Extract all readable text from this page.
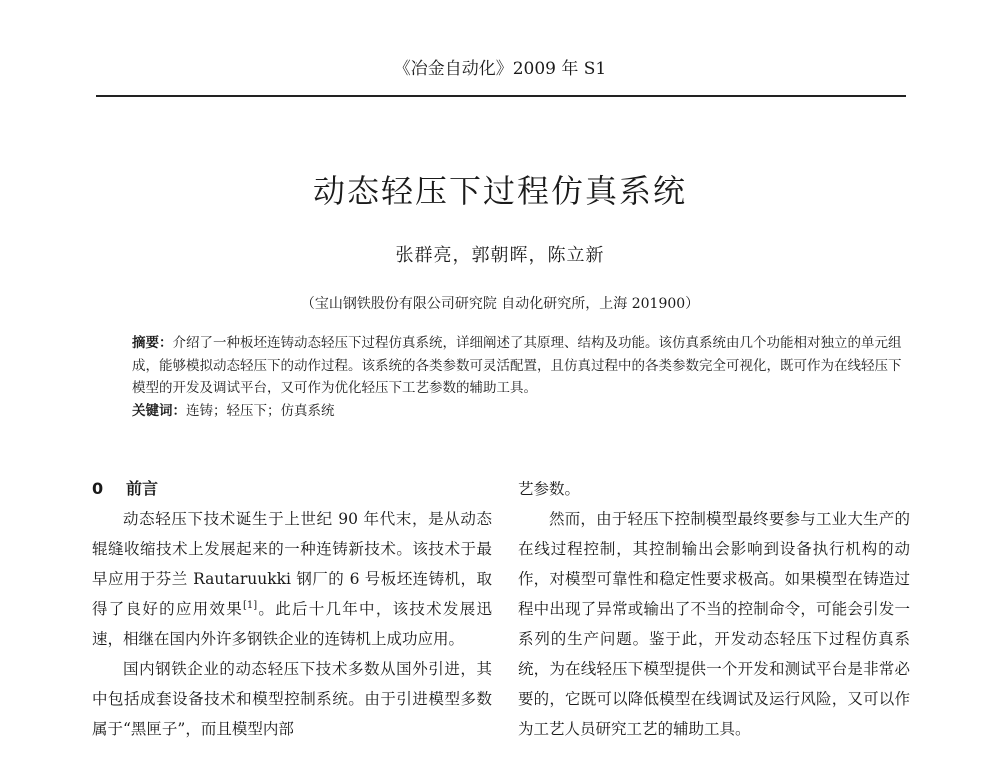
《冶金自动化》2009 年 S1
动态轻压下过程仿真系统
张群亮，郭朝晖，陈立新
（宝山钢铁股份有限公司研究院 自动化研究所，上海 201900）

摘要：介绍了一种板坯连铸动态轻压下过程仿真系统，详细阐述了其原理、结构及功能。该仿真系统由几个功能相对独立的单元组成，能够模拟动态轻压下的动作过程。该系统的各类参数可灵活配置，且仿真过程中的各类参数完全可视化，既可作为在线轻压下模型的开发及调试平台，又可作为优化轻压下工艺参数的辅助工具。

关键词：连铸；轻压下；仿真系统

0 前言

动态轻压下技术诞生于上世纪 90 年代末，是从动态辊缝收缩技术上发展起来的一种连铸新技术。该技术于最早应用于芬兰 Rautaruukki 钢厂的 6 号板坯连铸机，取得了良好的应用效果[1]。此后十几年中，该技术发展迅速，相继在国内外许多钢铁企业的连铸机上成功应用。

国内钢铁企业的动态轻压下技术多数从国外引进，其中包括成套设备技术和模型控制系统。由于引进模型多数属于“黑匣子”，而且模型内部

艺参数。

然而，由于轻压下控制模型最终要参与工业大生产的在线过程控制，其控制输出会影响到设备执行机构的动作，对模型可靠性和稳定性要求极高。如果模型在铸造过程中出现了异常或输出了不当的控制命令，可能会引发一系列的生产问题。鉴于此，开发动态轻压下过程仿真系统，为在线轻压下模型提供一个开发和测试平台是非常必要的，它既可以降低模型在线调试及运行风险，又可以作为工艺人员研究工艺的辅助工具。
